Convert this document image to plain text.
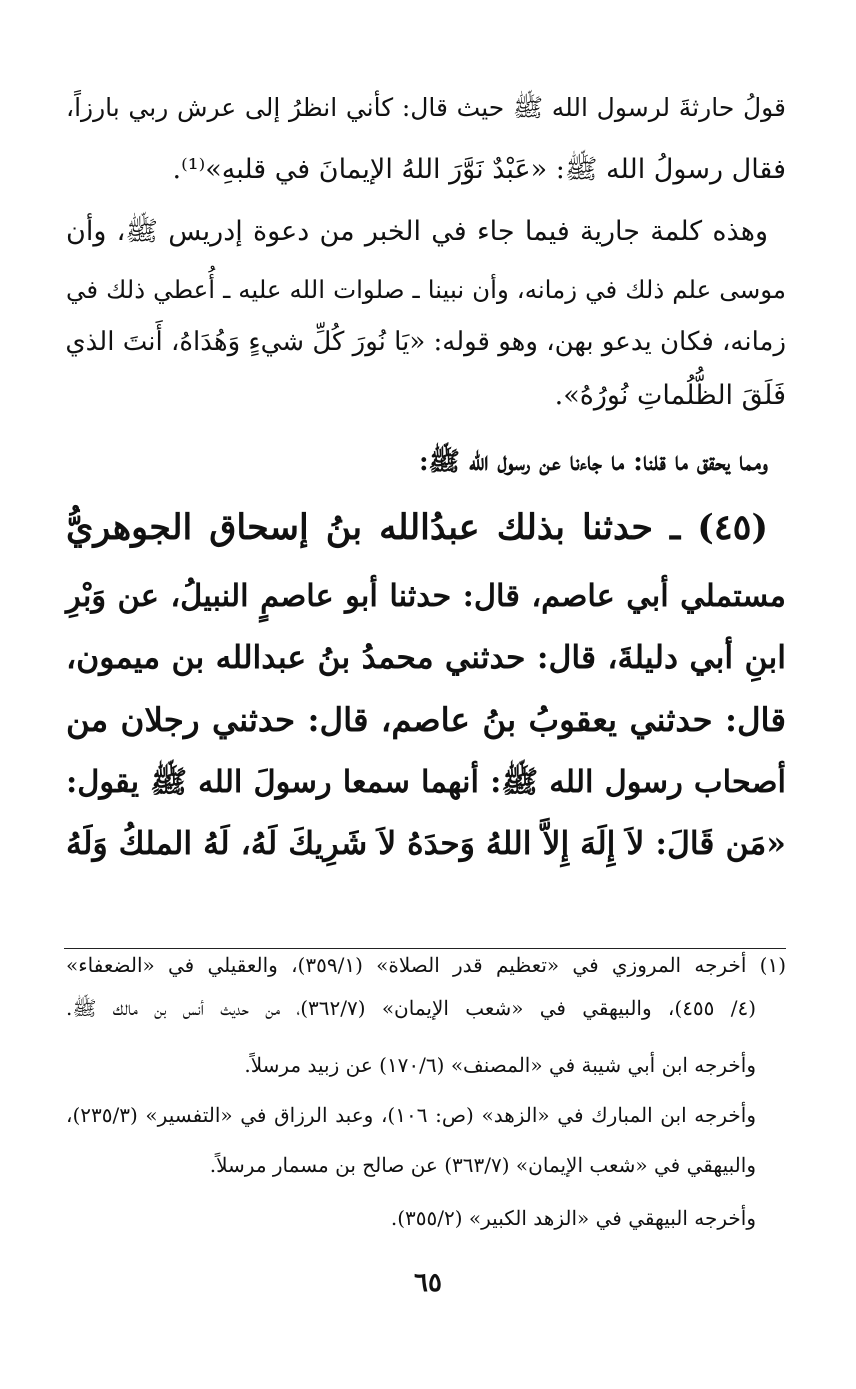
قولُ حارثةَ لرسول الله ﷺ حيث قال: كأني انظرُ إلى عرش ربي بارزاً،
فقال رسولُ الله ﷺ: «عَبْدٌ نَوَّرَ اللهُ الإيمانَ في قلبهِ»⁽¹⁾.
وهذه كلمة جارية فيما جاء في الخبر من دعوة إدريس ﷺ، وأن
موسى علم ذلك في زمانه، وأن نبينا ـ صلوات الله عليه ـ أُعطي ذلك في
زمانه، فكان يدعو بهن، وهو قوله: «يَا نُورَ كُلِّ شيءٍ وَهُدَاهُ، أَنتَ الذي
فَلَقَ الظُّلُماتِ نُورُهُ».
ومما يحقق ما قلنا: ما جاءنا عن رسول الله ﷺ:
(٤٥) ـ حدثنا بذلك عبدُالله بنُ إسحاق الجوهريُّ
مستملي أبي عاصم، قال: حدثنا أبو عاصمٍ النبيلُ، عن وَبْرِ
ابنِ أبي دليلةَ، قال: حدثني محمدُ بنُ عبدالله بن ميمون،
قال: حدثني يعقوبُ بنُ عاصم، قال: حدثني رجلان من
أصحاب رسول الله ﷺ: أنهما سمعا رسولَ الله ﷺ يقول:
«مَن قَالَ: لاَ إِلَهَ إِلاَّ اللهُ وَحدَهُ لاَ شَرِيكَ لَهُ، لَهُ الملكُ وَلَهُ
(١) أخرجه المروزي في «تعظيم قدر الصلاة» (٣٥٩/١)، والعقيلي في «الضعفاء»
(٤/ ٤٥٥)، والبيهقي في «شعب الإيمان» (٣٦٢/٧)، من حديث أنس بن مالك ﷺ.
وأخرجه ابن أبي شيبة في «المصنف» (١٧٠/٦) عن زبيد مرسلاً.
وأخرجه ابن المبارك في «الزهد» (ص: ١٠٦)، وعبد الرزاق في «التفسير» (٢٣٥/٣)،
والبيهقي في «شعب الإيمان» (٣٦٣/٧) عن صالح بن مسمار مرسلاً.
وأخرجه البيهقي في «الزهد الكبير» (٣٥٥/٢).
٦٥
